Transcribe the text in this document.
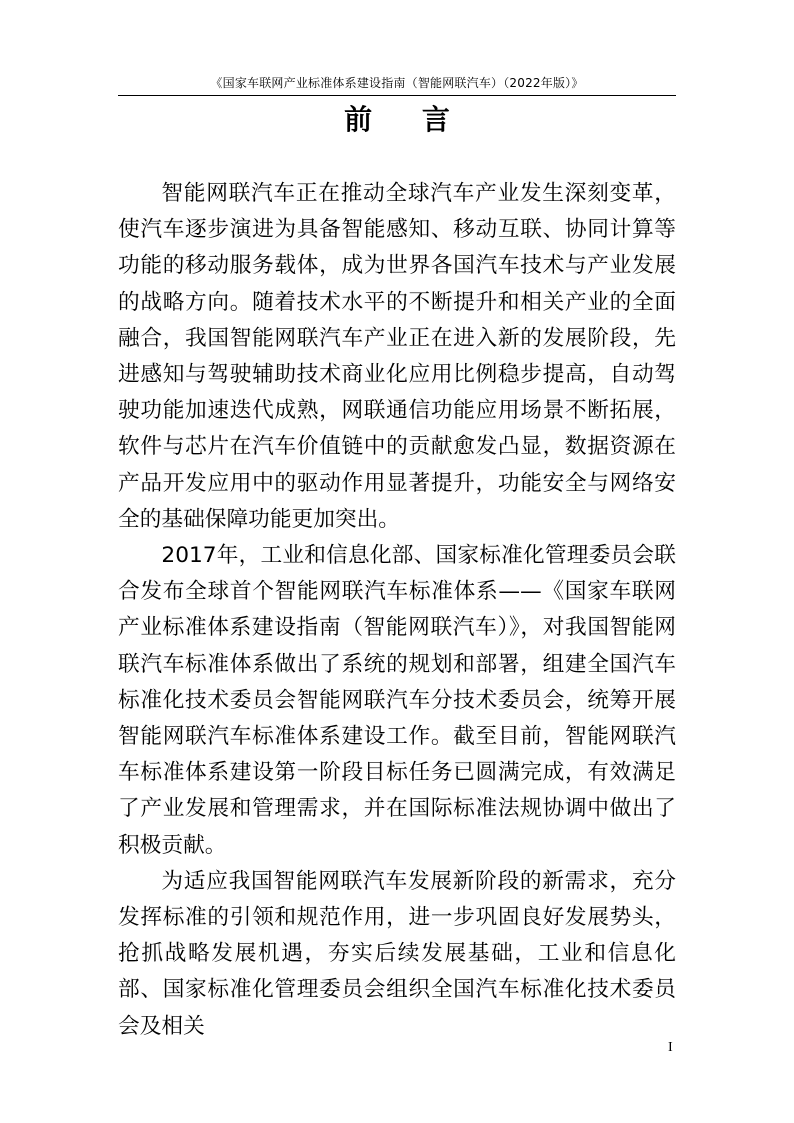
《国家车联网产业标准体系建设指南（智能网联汽车）（2022年版）》
前 言

智能网联汽车正在推动全球汽车产业发生深刻变革，使汽车逐步演进为具备智能感知、移动互联、协同计算等功能的移动服务载体，成为世界各国汽车技术与产业发展的战略方向。随着技术水平的不断提升和相关产业的全面融合，我国智能网联汽车产业正在进入新的发展阶段，先进感知与驾驶辅助技术商业化应用比例稳步提高，自动驾驶功能加速迭代成熟，网联通信功能应用场景不断拓展，软件与芯片在汽车价值链中的贡献愈发凸显，数据资源在产品开发应用中的驱动作用显著提升，功能安全与网络安全的基础保障功能更加突出。

2017年，工业和信息化部、国家标准化管理委员会联合发布全球首个智能网联汽车标准体系——《国家车联网产业标准体系建设指南（智能网联汽车）》，对我国智能网联汽车标准体系做出了系统的规划和部署，组建全国汽车标准化技术委员会智能网联汽车分技术委员会，统筹开展智能网联汽车标准体系建设工作。截至目前，智能网联汽车标准体系建设第一阶段目标任务已圆满完成，有效满足了产业发展和管理需求，并在国际标准法规协调中做出了积极贡献。

为适应我国智能网联汽车发展新阶段的新需求，充分发挥标准的引领和规范作用，进一步巩固良好发展势头，抢抓战略发展机遇，夯实后续发展基础，工业和信息化部、国家标准化管理委员会组织全国汽车标准化技术委员会及相关

I
